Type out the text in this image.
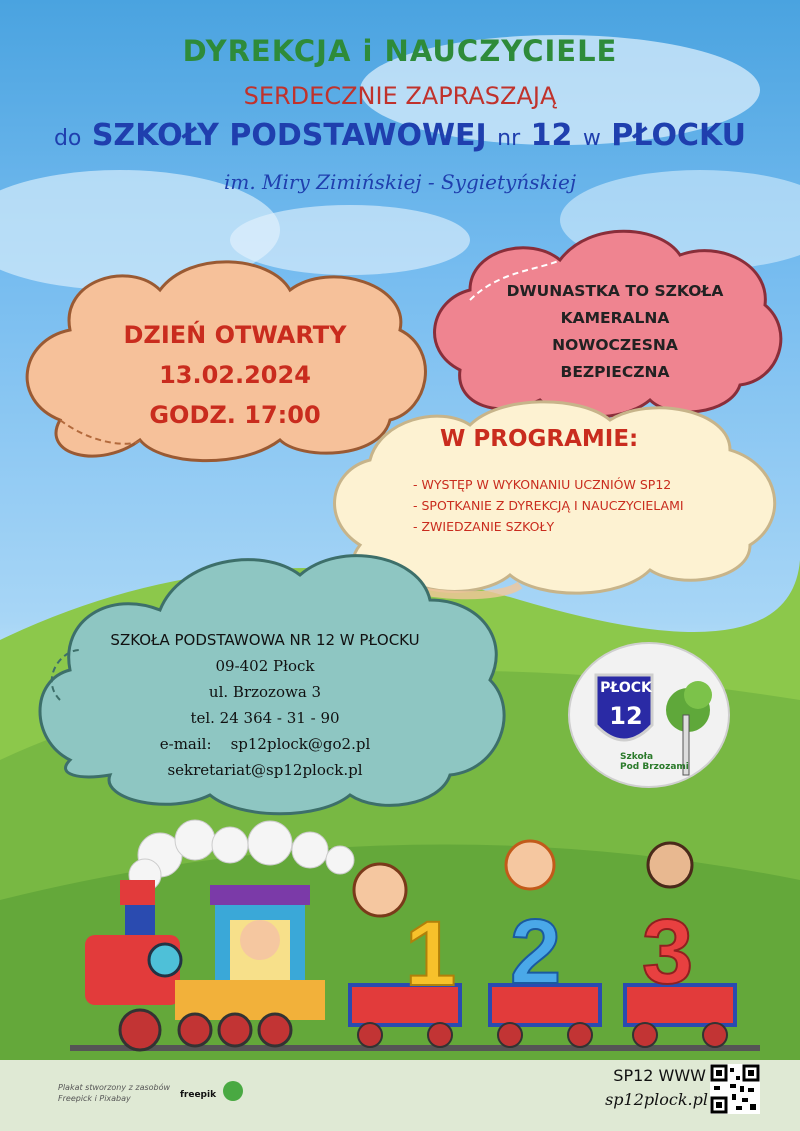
DYREKCJA i NAUCZYCIELE
SERDECZNIE ZAPRASZAJĄ
do SZKOŁY PODSTAWOWEJ nr 12 w PŁOCKU
im. Miry Zimińskiej - Sygietyńskiej
DZIEŃ OTWARTY
13.02.2024
GODZ. 17:00
DWUNASTKA TO SZKOŁA
KAMERALNA
NOWOCZESNA
BEZPIECZNA
W PROGRAMIE:
- WYSTĘP W WYKONANIU UCZNIÓW SP12
- SPOTKANIE Z DYREKCJĄ I NAUCZYCIELAMI
- ZWIEDZANIE SZKOŁY
SZKOŁA PODSTAWOWA NR 12 W PŁOCKU
09-402 Płock
ul. Brzozowa 3
tel. 24 364 - 31 - 90
e-mail: sp12plock@go2.pl
sekretariat@sp12plock.pl
PŁOCK
12
Szkoła
Pod Brzozami
1 2 3
Plakat stworzony z zasobów
Freepick i Pixabay	freepik
SP12 WWW
sp12plock.pl
